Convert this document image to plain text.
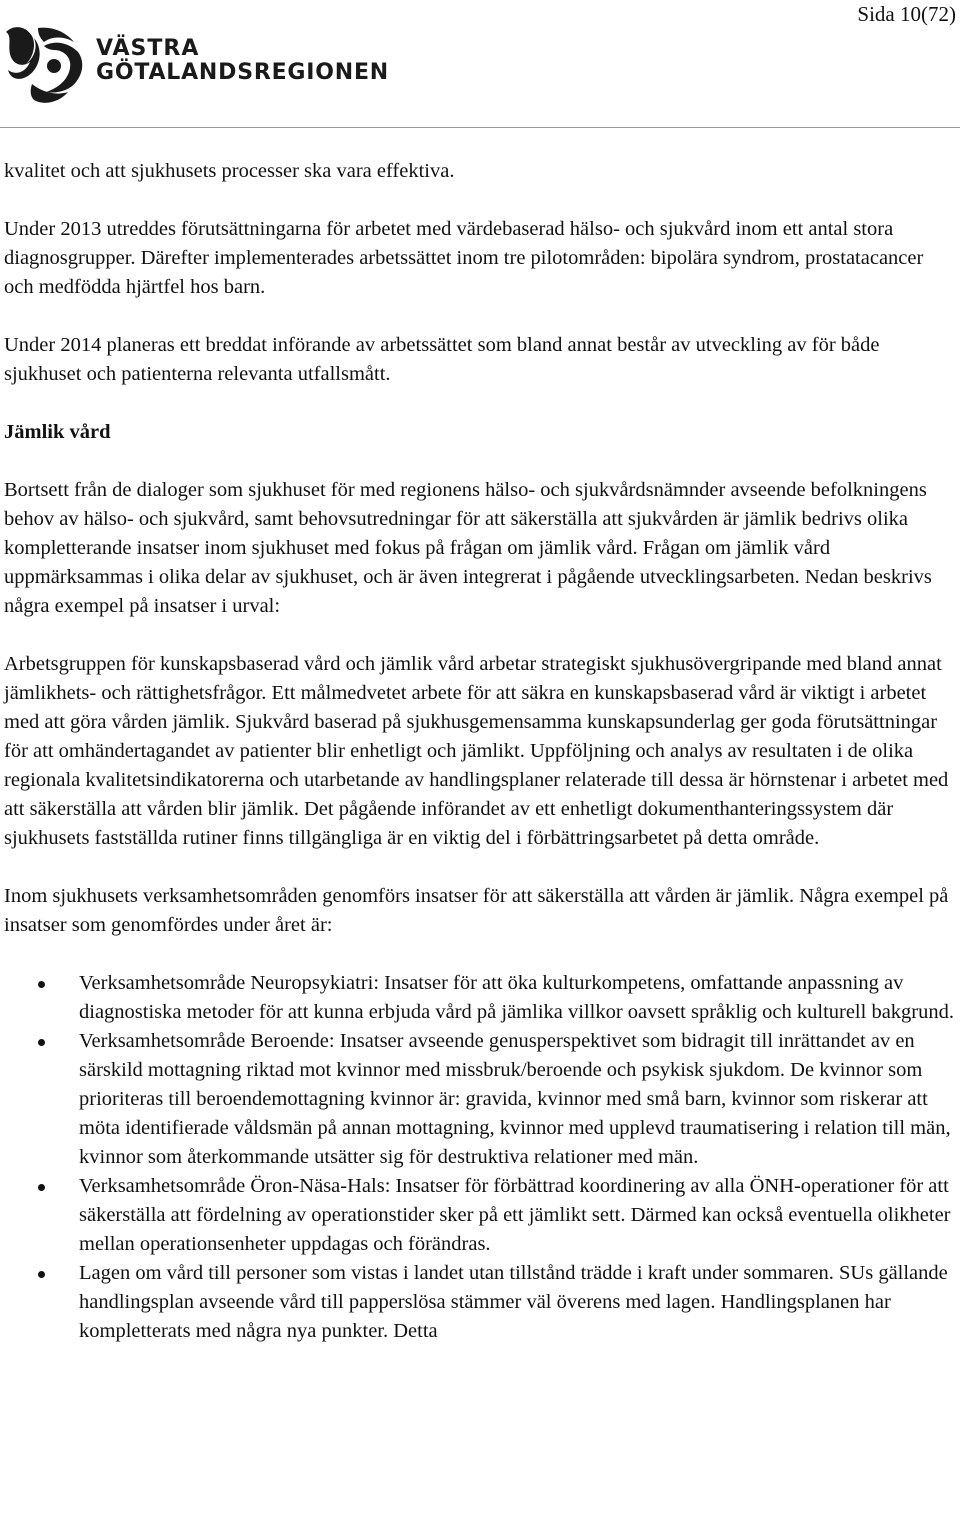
Sida 10(72)
VÄSTRA
GÖTALANDSREGIONEN

kvalitet och att sjukhusets processer ska vara effektiva.

Under 2013 utreddes förutsättningarna för arbetet med värdebaserad hälso- och sjukvård inom ett antal stora diagnosgrupper. Därefter implementerades arbetssättet inom tre pilotområden: bipolära syndrom, prostatacancer och medfödda hjärtfel hos barn.

Under 2014 planeras ett breddat införande av arbetssättet som bland annat består av utveckling av för både sjukhuset och patienterna relevanta utfallsmått.

Jämlik vård

Bortsett från de dialoger som sjukhuset för med regionens hälso- och sjukvårdsnämnder avseende befolkningens behov av hälso- och sjukvård, samt behovsutredningar för att säkerställa att sjukvården är jämlik bedrivs olika kompletterande insatser inom sjukhuset med fokus på frågan om jämlik vård. Frågan om jämlik vård uppmärksammas i olika delar av sjukhuset, och är även integrerat i pågående utvecklingsarbeten. Nedan beskrivs några exempel på insatser i urval:

Arbetsgruppen för kunskapsbaserad vård och jämlik vård arbetar strategiskt sjukhusövergripande med bland annat jämlikhets- och rättighetsfrågor. Ett målmedvetet arbete för att säkra en kunskapsbaserad vård är viktigt i arbetet med att göra vården jämlik. Sjukvård baserad på sjukhusgemensamma kunskapsunderlag ger goda förutsättningar för att omhändertagandet av patienter blir enhetligt och jämlikt. Uppföljning och analys av resultaten i de olika regionala kvalitetsindikatorerna och utarbetande av handlingsplaner relaterade till dessa är hörnstenar i arbetet med att säkerställa att vården blir jämlik. Det pågående införandet av ett enhetligt dokumenthanteringssystem där sjukhusets fastställda rutiner finns tillgängliga är en viktig del i förbättringsarbetet på detta område.

Inom sjukhusets verksamhetsområden genomförs insatser för att säkerställa att vården är jämlik. Några exempel på insatser som genomfördes under året är:

Verksamhetsområde Neuropsykiatri: Insatser för att öka kulturkompetens, omfattande anpassning av diagnostiska metoder för att kunna erbjuda vård på jämlika villkor oavsett språklig och kulturell bakgrund.
Verksamhetsområde Beroende: Insatser avseende genusperspektivet som bidragit till inrättandet av en särskild mottagning riktad mot kvinnor med missbruk/beroende och psykisk sjukdom. De kvinnor som prioriteras till beroendemottagning kvinnor är: gravida, kvinnor med små barn, kvinnor som riskerar att möta identifierade våldsmän på annan mottagning, kvinnor med upplevd traumatisering i relation till män, kvinnor som återkommande utsätter sig för destruktiva relationer med män.
Verksamhetsområde Öron-Näsa-Hals: Insatser för förbättrad koordinering av alla ÖNH-operationer för att säkerställa att fördelning av operationstider sker på ett jämlikt sett. Därmed kan också eventuella olikheter mellan operationsenheter uppdagas och förändras.
Lagen om vård till personer som vistas i landet utan tillstånd trädde i kraft under sommaren. SUs gällande handlingsplan avseende vård till papperslösa stämmer väl överens med lagen. Handlingsplanen har kompletterats med några nya punkter. Detta
